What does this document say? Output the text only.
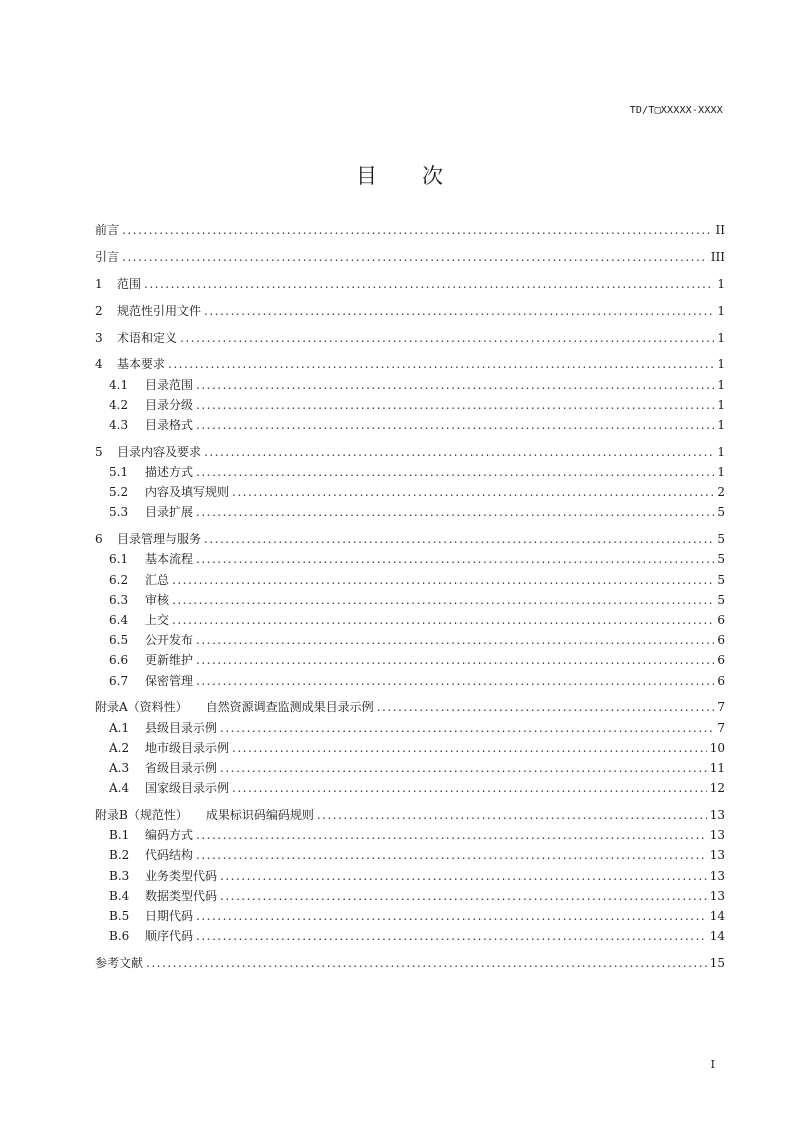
TD/T□XXXXX-XXXX
目　　次
前言 .....	II
引言 .....	III
1	范围 .....	1
2	规范性引用文件 .....	1
3	术语和定义 .....	1
4	基本要求 .....	1
4.1	目录范围 .....	1
4.2	目录分级 .....	1
4.3	目录格式 .....	1
5	目录内容及要求 .....	1
5.1	描述方式 .....	1
5.2	内容及填写规则 .....	2
5.3	目录扩展 .....	5
6	目录管理与服务 .....	5
6.1	基本流程 .....	5
6.2	汇总 .....	5
6.3	审核 .....	5
6.4	上交 .....	6
6.5	公开发布 .....	6
6.6	更新维护 .....	6
6.7	保密管理 .....	6
附录A（资料性） 自然资源调查监测成果目录示例 .....	7
A.1	县级目录示例 .....	7
A.2	地市级目录示例 .....	10
A.3	省级目录示例 .....	11
A.4	国家级目录示例 .....	12
附录B（规范性） 成果标识码编码规则 .....	13
B.1	编码方式 .....	13
B.2	代码结构 .....	13
B.3	业务类型代码 .....	13
B.4	数据类型代码 .....	13
B.5	日期代码 .....	14
B.6	顺序代码 .....	14
参考文献 .....	15
I
